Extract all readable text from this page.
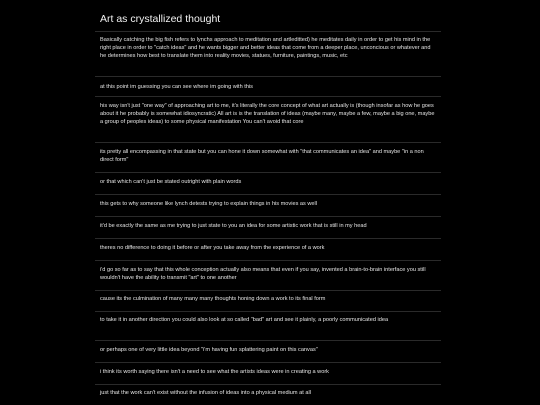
Art as crystallized thought
Basically catching the big fish refers to lynchs approach to meditation and artleditted) he meditates daily in order to get his mind in the right place in order to "catch ideas" and he wants bigger and better ideas that come from a deeper place, unconcious or whatever and he determines how best to translate them into reality movies, statues, furniture, paintings, music, etc
at this point im guessing you can see where im going with this
his way isn't just "one way" of approaching art to me, it's literally the core concept of what art actually is (though insofar as how he goes about it he probably is somewhat idiosyncratic) All art is is the translation of ideas (maybe many, maybe a few, maybe a big one, maybe a group of peoples ideas) to some physical manifestation You can't avoid that core
its pretty all encompassing in that state but you can hone it down somewhat with "that communicates an idea" and maybe "in a non direct form"
or that which can't just be stated outright with plain words
this gets to why someone like lynch detests trying to explain things in his movies as well
it'd be exactly the same as me trying to just state to you an idea for some artistic work that is still in my head
theres no difference to doing it before or after you take away from the experience of a work
i'd go so far as to say that this whole conception actually also means that even if you say, invented a brain-to-brain interface you still wouldn't have the ability to transmit "art" to one another
cause its the culmination of many many many thoughts honing down a work to its final form
to take it in another direction you could also look at so called "bad" art and see it plainly, a poorly communicated idea
or perhaps one of very little idea beyond "i'm having fun splattering paint on this canvas"
i think its worth saying there isn't a need to see what the artists ideas were in creating a work
just that the work can't exist without the infusion of ideas into a physical medium at all
